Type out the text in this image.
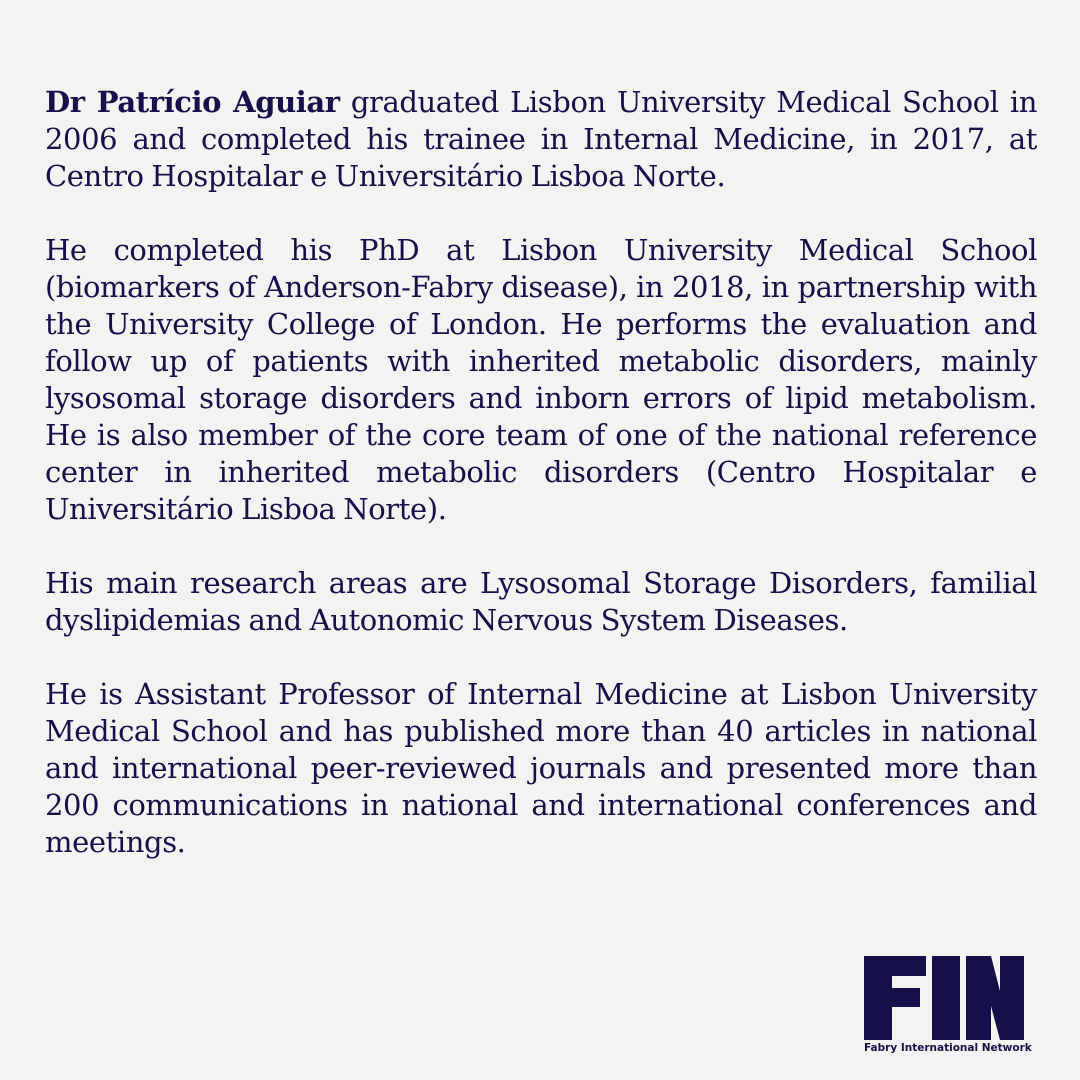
Dr Patrício Aguiar graduated Lisbon University Medical School in 2006 and completed his trainee in Internal Medicine, in 2017, at Centro Hospitalar e Universitário Lisboa Norte.

He completed his PhD at Lisbon University Medical School (biomarkers of Anderson-Fabry disease), in 2018, in partnership with the University College of London. He performs the evaluation and follow up of patients with inherited metabolic disorders, mainly lysosomal storage disorders and inborn errors of lipid metabolism. He is also member of the core team of one of the national reference center in inherited metabolic disorders (Centro Hospitalar e Universitário Lisboa Norte).

His main research areas are Lysosomal Storage Disorders, familial dyslipidemias and Autonomic Nervous System Diseases.

He is Assistant Professor of Internal Medicine at Lisbon University Medical School and has published more than 40 articles in national and international peer-reviewed journals and presented more than 200 communications in national and international conferences and meetings.

Fabry International Network
